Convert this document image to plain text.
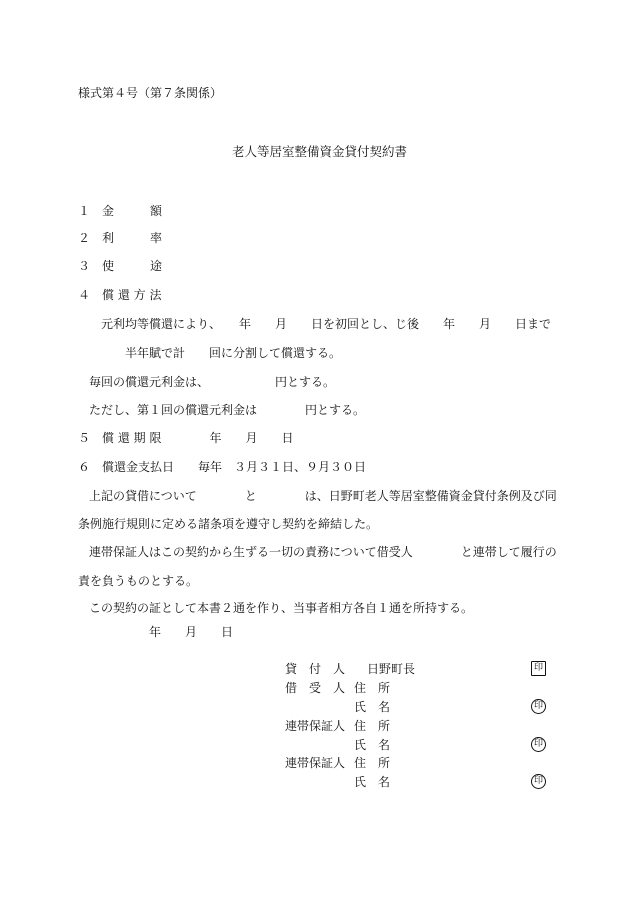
様式第４号（第７条関係）
老人等居室整備資金貸付契約書
１　金　　　額
２　利　　　率
３　使　　　途
４　償 還 方 法
元利均等償還により、　　年　　月　　日を初回とし、じ後　　年　　月　　日まで
半年賦で計　　回に分割して償還する。
毎回の償還元利金は、　　　　　　円とする。
ただし、第１回の償還元利金は　　　　円とする。
５　償 還 期 限　　　　年　　月　　日
６　償還金支払日　　毎年　３月３１日、９月３０日
上記の貸借について　　　　と　　　　は、日野町老人等居室整備資金貸付条例及び同
条例施行規則に定める諸条項を遵守し契約を締結した。
連帯保証人はこの契約から生ずる一切の責務について借受人　　　　と連帯して履行の
責を負うものとする。
この契約の証として本書２通を作り、当事者相方各自１通を所持する。
年　　月　　日
貸　付　人 日野町長	印
借　受　人 住　所
氏　名	印
連帯保証人 住　所
氏　名	印
連帯保証人 住　所
氏　名	印
